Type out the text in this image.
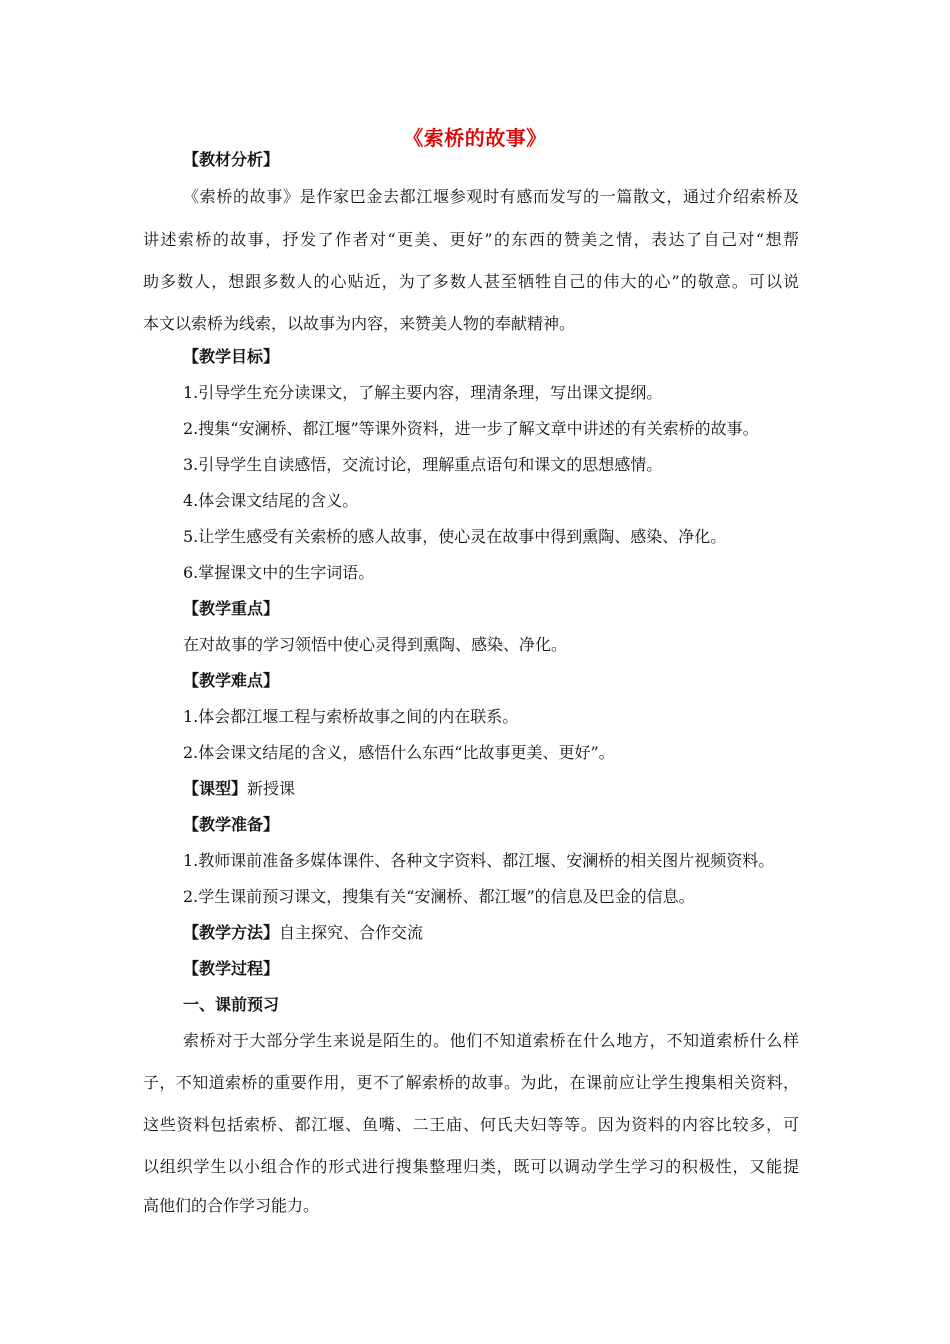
《索桥的故事》
【教材分析】
《索桥的故事》是作家巴金去都江堰参观时有感而发写的一篇散文，通过介绍索桥及
讲述索桥的故事，抒发了作者对“更美、更好”的东西的赞美之情，表达了自己对“想帮
助多数人，想跟多数人的心贴近，为了多数人甚至牺牲自己的伟大的心”的敬意。可以说
本文以索桥为线索，以故事为内容，来赞美人物的奉献精神。
【教学目标】
1.引导学生充分读课文，了解主要内容，理清条理，写出课文提纲。
2.搜集“安澜桥、都江堰”等课外资料，进一步了解文章中讲述的有关索桥的故事。
3.引导学生自读感悟，交流讨论，理解重点语句和课文的思想感情。
4.体会课文结尾的含义。
5.让学生感受有关索桥的感人故事，使心灵在故事中得到熏陶、感染、净化。
6.掌握课文中的生字词语。
【教学重点】
在对故事的学习领悟中使心灵得到熏陶、感染、净化。
【教学难点】
1.体会都江堰工程与索桥故事之间的内在联系。
2.体会课文结尾的含义，感悟什么东西“比故事更美、更好”。
【课型】新授课
【教学准备】
1.教师课前准备多媒体课件、各种文字资料、都江堰、安澜桥的相关图片视频资料。
2.学生课前预习课文，搜集有关“安澜桥、都江堰”的信息及巴金的信息。
【教学方法】自主探究、合作交流
【教学过程】
一、课前预习
索桥对于大部分学生来说是陌生的。他们不知道索桥在什么地方，不知道索桥什么样
子，不知道索桥的重要作用，更不了解索桥的故事。为此，在课前应让学生搜集相关资料，
这些资料包括索桥、都江堰、鱼嘴、二王庙、何氏夫妇等等。因为资料的内容比较多，可
以组织学生以小组合作的形式进行搜集整理归类，既可以调动学生学习的积极性，又能提
高他们的合作学习能力。
